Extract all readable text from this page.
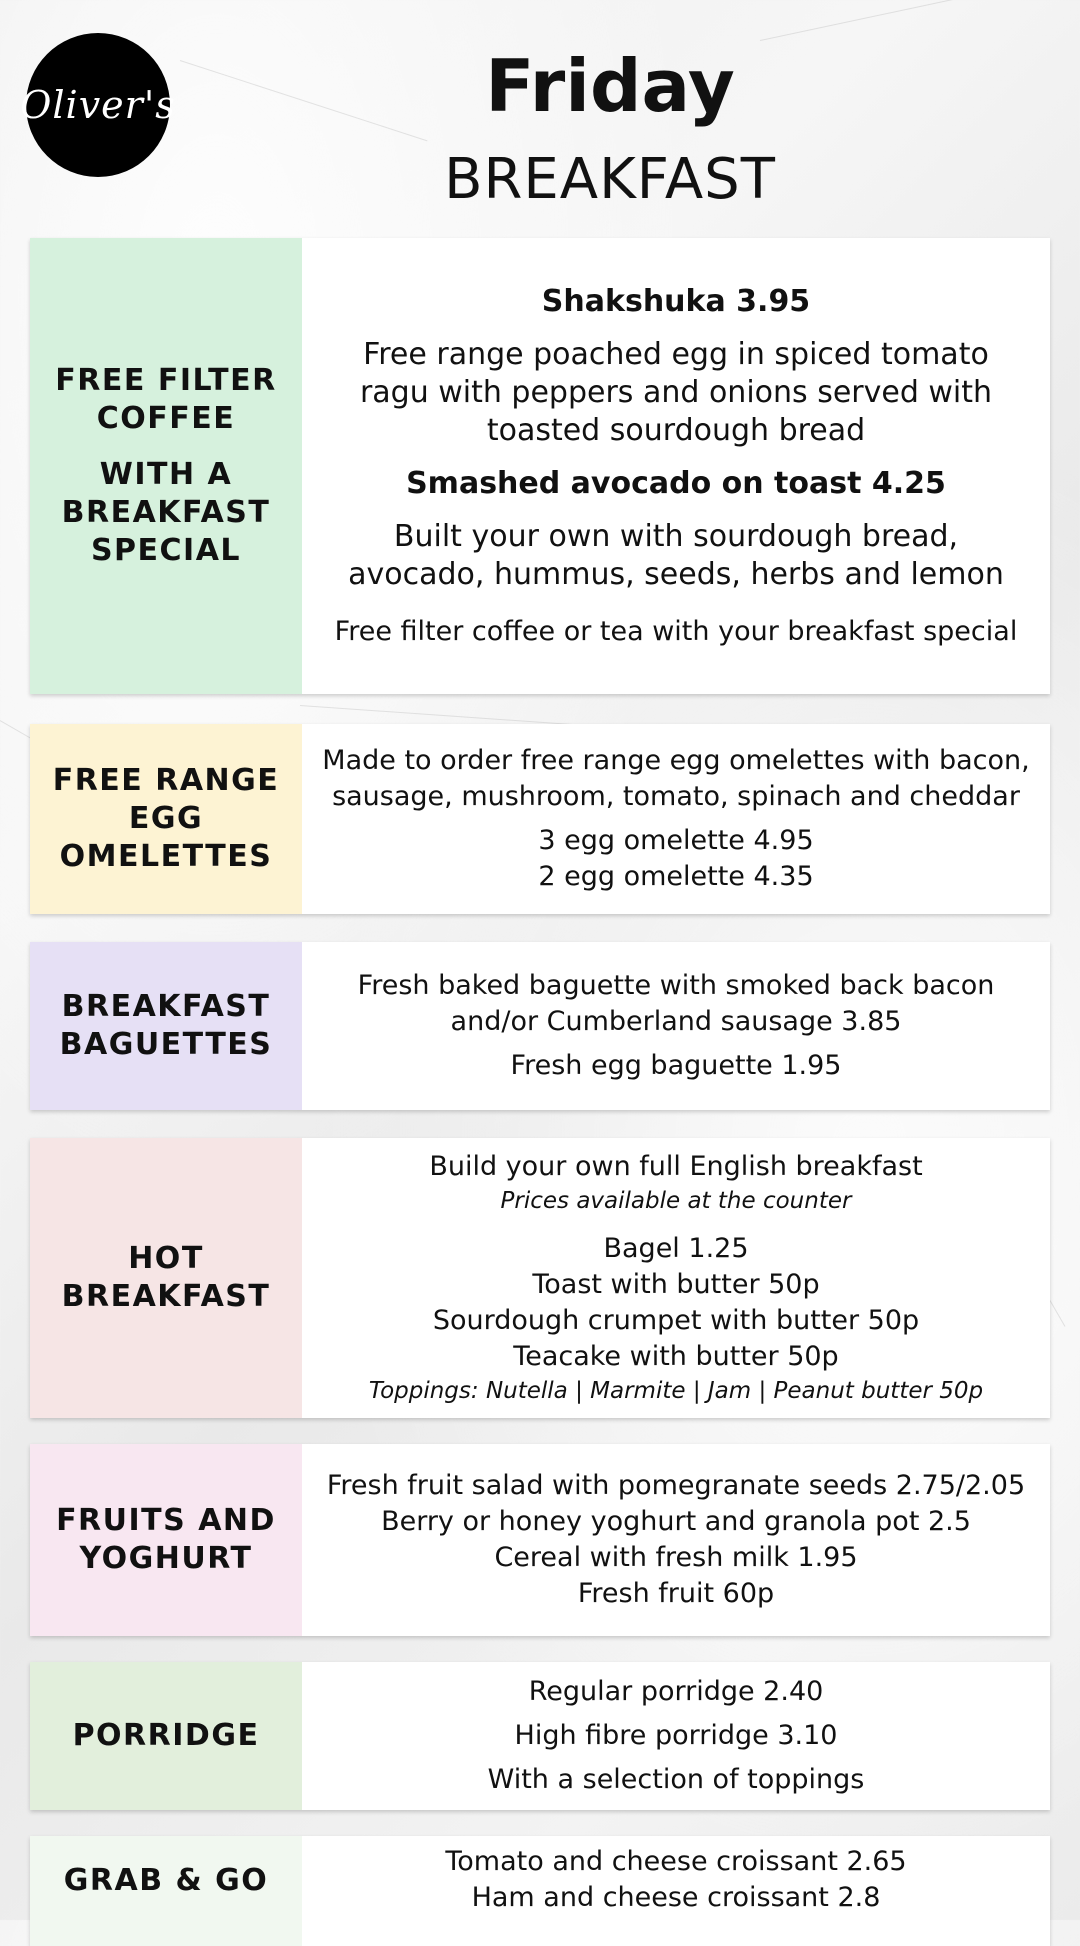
Oliver's	Friday
BREAKFAST
FREE FILTER COFFEE
WITH A BREAKFAST SPECIAL
Shakshuka 3.95
Free range poached egg in spiced tomato ragu with peppers and onions served with toasted sourdough bread
Smashed avocado on toast 4.25
Built your own with sourdough bread, avocado, hummus, seeds, herbs and lemon
Free filter coffee or tea with your breakfast special
FREE RANGE EGG OMELETTES
Made to order free range egg omelettes with bacon, sausage, mushroom, tomato, spinach and cheddar
3 egg omelette 4.95
2 egg omelette 4.35
BREAKFAST BAGUETTES
Fresh baked baguette with smoked back bacon and/or Cumberland sausage 3.85
Fresh egg baguette 1.95
HOT BREAKFAST
Build your own full English breakfast
Prices available at the counter
Bagel 1.25
Toast with butter 50p
Sourdough crumpet with butter 50p
Teacake with butter 50p
Toppings: Nutella | Marmite | Jam | Peanut butter 50p
FRUITS AND YOGHURT
Fresh fruit salad with pomegranate seeds 2.75/2.05
Berry or honey yoghurt and granola pot 2.5
Cereal with fresh milk 1.95
Fresh fruit 60p
PORRIDGE
Regular porridge 2.40
High fibre porridge 3.10
With a selection of toppings
GRAB & GO
Tomato and cheese croissant 2.65
Ham and cheese croissant 2.8
